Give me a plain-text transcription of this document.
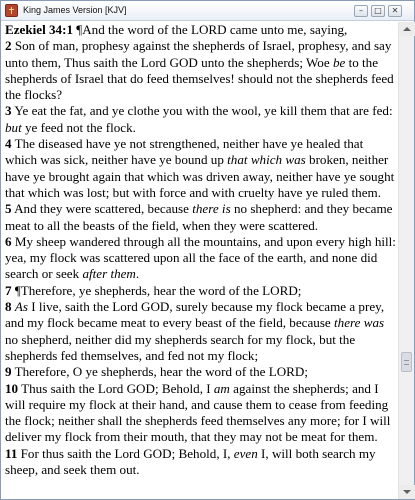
King James Version [KJV]	–	□	✕
Ezekiel 34:1 ¶And the word of the LORD came unto me, saying,
2 Son of man, prophesy against the shepherds of Israel, prophesy, and say unto them, Thus saith the Lord GOD unto the shepherds; Woe be to the shepherds of Israel that do feed themselves! should not the shepherds feed the flocks?
3 Ye eat the fat, and ye clothe you with the wool, ye kill them that are fed: but ye feed not the flock.
4 The diseased have ye not strengthened, neither have ye healed that which was sick, neither have ye bound up that which was broken, neither have ye brought again that which was driven away, neither have ye sought that which was lost; but with force and with cruelty have ye ruled them.
5 And they were scattered, because there is no shepherd: and they became meat to all the beasts of the field, when they were scattered.
6 My sheep wandered through all the mountains, and upon every high hill: yea, my flock was scattered upon all the face of the earth, and none did search or seek after them.
7 ¶Therefore, ye shepherds, hear the word of the LORD;
8 As I live, saith the Lord GOD, surely because my flock became a prey, and my flock became meat to every beast of the field, because there was no shepherd, neither did my shepherds search for my flock, but the shepherds fed themselves, and fed not my flock;
9 Therefore, O ye shepherds, hear the word of the LORD;
10 Thus saith the Lord GOD; Behold, I am against the shepherds; and I will require my flock at their hand, and cause them to cease from feeding the flock; neither shall the shepherds feed themselves any more; for I will deliver my flock from their mouth, that they may not be meat for them.
11 For thus saith the Lord GOD; Behold, I, even I, will both search my sheep, and seek them out.
